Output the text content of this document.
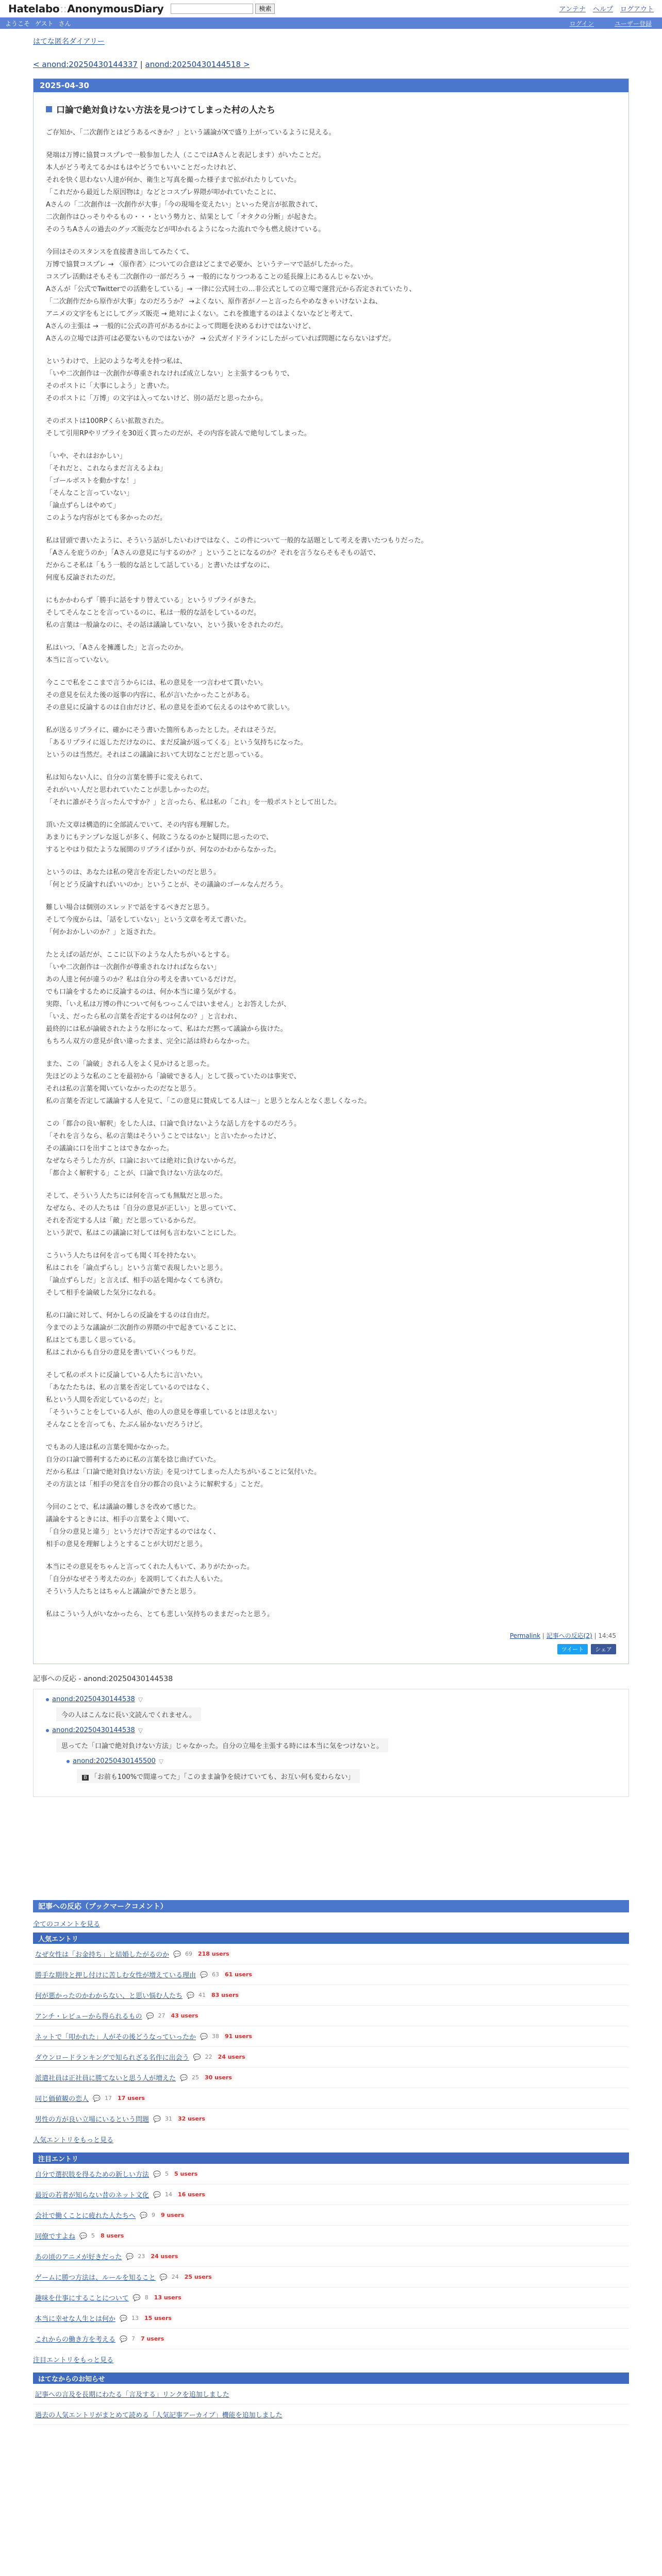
Hatelabo::AnonymousDiary	検索	アンテナ ヘルプ ログアウト
ようこそ ゲスト さん	ログイン	ユーザー登録
はてな匿名ダイアリー
< anond:20250430144337 | anond:20250430144518 >
2025-04-30
口論で絶対負けない方法を見つけてしまった村の人たち

ご存知か、「二次創作とはどうあるべきか？」という議論がXで盛り上がっているように見える。

発端は万博に協賛コスプレで一般参加した人（ここではAさんと表記します）がいたことだ。

本人がどう考えてるかはもはやどうでもいいことだったけれど、

それを快く思わない人達が何か、衛生と写真を撮った様子まで拡がれたりしていた。

「これだから最近した原因物は」などとコスプレ界隈が叩かれていたことに、

Aさんの「二次創作は一次創作が大事」「今の現場を変えたい」といった発言が拡散されて、

二次創作はひっそりやるもの・・・という勢力と、結果として「オタクの分断」が起きた。

そのうちAさんの過去のグッズ販売などが叩かれるようになった流れで今も燃え続けている。

今回はそのスタンスを直接書き出してみたくて、

万博で協賛コスプレ → 〈原作者〉についての合意はどこまで必要か、というテーマで話がしたかった。

コスプレ活動はそもそも二次創作の一部だろう → 一般的になりつつあることの延長線上にあるんじゃないか。

Aさんが「公式でTwitterでの活動をしている」→ 一律に公式同士の…非公式としての立場で運営元から否定されていたり、

「二次創作だから原作が大事」なのだろうか？ →よくない、原作者がノーと言ったらやめなきゃいけないよね、

アニメの文字をもとにしてグッズ販売 → 絶対によくない。これを推進するのはよくないなどと考えて、

Aさんの主張は → 一般的に公式の許可があるかによって問題を決めるわけではないけど、

Aさんの立場では許可は必要ないものではないか？ → 公式ガイドラインにしたがっていれば問題にならないはずだ。

というわけで、上記のような考えを持つ私は、

「いや二次創作は一次創作が尊重されなければ成立しない」と主張するつもりで、

そのポストに「大事にしよう」と書いた。

そのポストに「万博」の文字は入ってないけど、別の話だと思ったから。

そのポストは100RPくらい拡散された。

そして引用RPやリプライを30近く貰ったのだが、その内容を読んで絶句してしまった。

「いや、それはおかしい」

「それだと、これならまだ言えるよね」

「ゴールポストを動かすな！」

「そんなこと言っていない」

「論点ずらしはやめて」

このような内容がとても多かったのだ。

私は冒頭で書いたように、そういう話がしたいわけではなく、この件について一般的な話題として考えを書いたつもりだった。

「Aさんを庇うのか」「Aさんの意見に与するのか？」ということになるのか？それを言うならそもそもの話で、

だからこそ私は「もう一般的な話として話している」と書いたはずなのに、

何度も反論されたのだ。

にもかかわらず「勝手に話をすり替えている」というリプライがきた。

そしてそんなことを言っているのに、私は一般的な話をしているのだ。

私の言葉は一般論なのに、その話は議論していない、という扱いをされたのだ。

私はいつ、「Aさんを擁護した」と言ったのか。

本当に言っていない。

今ここで私をここまで言うからには、私の意見を一つ言わせて貰いたい。

その意見を伝えた後の返事の内容に、私が言いたかったことがある。

その意見に反論するのは自由だけど、私の意見を歪めて伝えるのはやめて欲しい。

私が送るリプライに、確かにそう書いた箇所もあったとした。それはそうだ。

「あるリプライに返しただけなのに、まだ反論が返ってくる」という気持ちになった。

というのは当然だ。それはこの議論において大切なことだと思っている。

私は知らない人に、自分の言葉を勝手に変えられて、

それがいい人だと思われていたことが悲しかったのだ。

「それに誰がそう言ったんですか？」と言ったら、私は私の「これ」を一般ポストとして出した。

頂いた文章は構造的に全部読んでいて、その内容も理解した。

あまりにもテンプレな返しが多く、何故こうなるのかと疑問に思ったので、

するとやはり似たような展開のリプライばかりが、何なのかわからなかった。

というのは、あなたは私の発言を否定したいのだと思う。

「何とどう反論すればいいのか」ということが、その議論のゴールなんだろう。

難しい場合は個別のスレッドで話をするべきだと思う。

そして今度からは、「話をしていない」という文章を考えて書いた。

「何かおかしいのか？」と返された。

たとえばの話だが、ここに以下のような人たちがいるとする。

「いや二次創作は一次創作が尊重されなければならない」

あの人達と何が違うのか？私は自分の考えを書いているだけだ。

でも口論をするために反論するのは、何か本当に違う気がする。

実際、「いえ私は万博の件について何もつっこんではいません」とお答えしたが、

「いえ、だったら私の言葉を否定するのは何なの？」と言われ、

最終的には私が論破されたような形になって、私はただ黙って議論から抜けた。

もちろん双方の意見が食い違ったまま、完全に話は終わらなかった。

また、この「論破」される人をよく見かけると思った。

先ほどのような私のことを最初から「論破できる人」として扱っていたのは事実で、

それは私の言葉を聞いていなかったのだなと思う。

私の言葉を否定して議論する人を見て、「この意見に賛成してる人は～」と思うとなんとなく悲しくなった。

この「都合の良い解釈」をした人は、口論で負けないような話し方をするのだろう。

「それを言うなら、私の言葉はそういうことではない」と言いたかったけど、

その議論に口を出すことはできなかった。

なぜならそうした方が、口論においては絶対に負けないからだ。

「都合よく解釈する」ことが、口論で負けない方法なのだ。

そして、そういう人たちには何を言っても無駄だと思った。

なぜなら、その人たちは「自分の意見が正しい」と思っていて、

それを否定する人は「敵」だと思っているからだ。

という訳で、私はこの議論に対しては何も言わないことにした。

こういう人たちは何を言っても聞く耳を持たない。

私はこれを「論点ずらし」という言葉で表現したいと思う。

「論点ずらしだ」と言えば、相手の話を聞かなくても済む。

そして相手を論破した気分になれる。

私の口論に対して、何かしらの反論をするのは自由だ。

今までのような議論が二次創作の界隈の中で起きていることに、

私はとても悲しく思っている。

私はこれからも自分の意見を書いていくつもりだ。

そして私のポストに反論している人たちに言いたい。

「あなたたちは、私の言葉を否定しているのではなく、

私という人間を否定しているのだ」と。

「そういうことをしている人が、他の人の意見を尊重しているとは思えない」

そんなことを言っても、たぶん届かないだろうけど。

でもあの人達は私の言葉を聞かなかった。

自分の口論で勝利するために私の言葉を捻じ曲げていた。

だから私は「口論で絶対負けない方法」を見つけてしまった人たちがいることに気付いた。

その方法とは「相手の発言を自分の都合の良いように解釈する」ことだ。

今回のことで、私は議論の難しさを改めて感じた。

議論をするときには、相手の言葉をよく聞いて、

「自分の意見と違う」というだけで否定するのではなく、

相手の意見を理解しようとすることが大切だと思う。

本当にその意見をちゃんと言ってくれた人もいて、ありがたかった。

「自分がなぜそう考えたのか」を説明してくれた人もいた。

そういう人たちとはちゃんと議論ができたと思う。

私はこういう人がいなかったら、とても悲しい気持ちのままだったと思う。

Permalink | 記事への反応(2) | 14:45
ツイート	シェア
記事への反応 - anond:20250430144538
anond:20250430144538 ▽
今の人はこんなに長い文読んでくれません。
anond:20250430144538 ▽
思ってた「口論で絶対負けない方法」じゃなかった。自分の立場を主張する時には本当に気をつけないと。
anond:20250430145500 ▽
B 「お前も100%で間違ってた」「このまま論争を続けていても、お互い何も変わらない」
記事への反応（ブックマークコメント）
全てのコメントを見る
人気エントリ
なぜ女性は「お金持ち」と結婚したがるのか 💬 69 218 users
勝手な期待と押し付けに苦しむ女性が増えている理由 💬 63 61 users
何が悪かったのかわからない、と思い悩む人たち 💬 41 83 users
アンチ・レビューから得られるもの 💬 27 43 users
ネットで「叩かれた」人がその後どうなっていったか 💬 38 91 users
ダウンロードランキングで知られざる名作に出会う 💬 22 24 users
派遣社員は正社員に勝てないと思う人が増えた 💬 25 30 users
同じ価値観の恋人 💬 17 17 users
男性の方が良い立場にいるという問題 💬 31 32 users
人気エントリをもっと見る
注目エントリ
自分で選択肢を得るための新しい方法 💬 5 5 users
最近の若者が知らない昔のネット文化 💬 14 16 users
会社で働くことに疲れた人たちへ 💬 9 9 users
同僚ですよね 💬 5 8 users
あの頃のアニメが好きだった 💬 23 24 users
ゲームに勝つ方法は、ルールを知ること 💬 24 25 users
趣味を仕事にすることについて 💬 8 13 users
本当に幸せな人生とは何か 💬 13 15 users
これからの働き方を考える 💬 7 7 users
注目エントリをもっと見る
はてなからのお知らせ
記事への言及を長期にわたる「言及する」リンクを追加しました
過去の人気エントリがまとめて読める「人気記事アーカイブ」機能を追加しました
